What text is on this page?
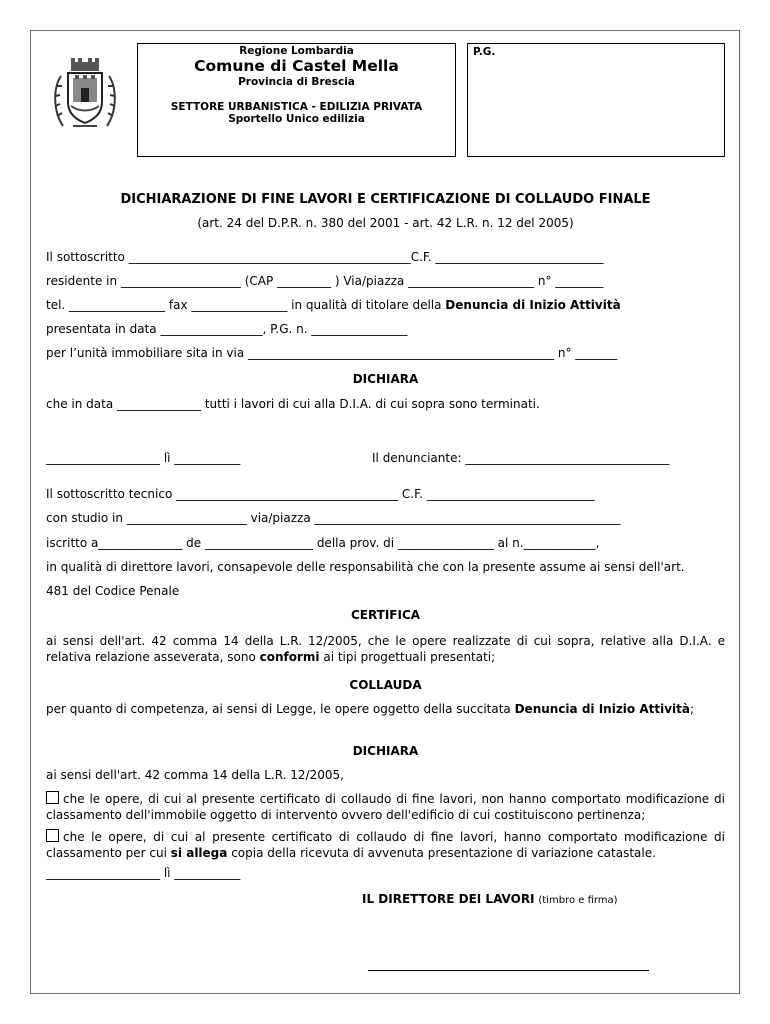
Regione Lombardia
Comune di Castel Mella
Provincia di Brescia
SETTORE URBANISTICA - EDILIZIA PRIVATA
Sportello Unico edilizia
P.G.
DICHIARAZIONE DI FINE LAVORI E CERTIFICAZIONE DI COLLAUDO FINALE
(art. 24 del D.P.R. n. 380 del 2001 - art. 42 L.R. n. 12 del 2005)
Il sottoscritto _______________________________________________C.F. ____________________________
residente in ____________________ (CAP _________ ) Via/piazza _____________________ n° ________
tel. ________________ fax ________________ in qualità di titolare della Denuncia di Inizio Attività
presentata in data _________________, P.G. n. ________________
per l’unità immobiliare sita in via ___________________________________________________ n° _______
DICHIARA
che in data ______________ tutti i lavori di cui alla D.I.A. di cui sopra sono terminati.
___________________ lì ___________	Il denunciante: __________________________________
Il sottoscritto tecnico _____________________________________ C.F. ____________________________
con studio in ____________________ via/piazza ___________________________________________________
iscritto a______________ de __________________ della prov. di ________________ al n.____________,
in qualità di direttore lavori, consapevole delle responsabilità che con la presente assume ai sensi dell'art.
481 del Codice Penale
CERTIFICA
ai sensi dell'art. 42 comma 14 della L.R. 12/2005, che le opere realizzate di cui sopra, relative alla D.I.A. e relativa relazione asseverata, sono conformi ai tipi progettuali presentati;
COLLAUDA
per quanto di competenza, ai sensi di Legge, le opere oggetto della succitata Denuncia di Inizio Attività;
DICHIARA
ai sensi dell'art. 42 comma 14 della L.R. 12/2005,
che le opere, di cui al presente certificato di collaudo di fine lavori, non hanno comportato modificazione di classamento dell'immobile oggetto di intervento ovvero dell'edificio di cui costituiscono pertinenza;
che le opere, di cui al presente certificato di collaudo di fine lavori, hanno comportato modificazione di classamento per cui si allega copia della ricevuta di avvenuta presentazione di variazione catastale.
___________________ lì ___________
IL DIRETTORE DEI LAVORI (timbro e firma)
